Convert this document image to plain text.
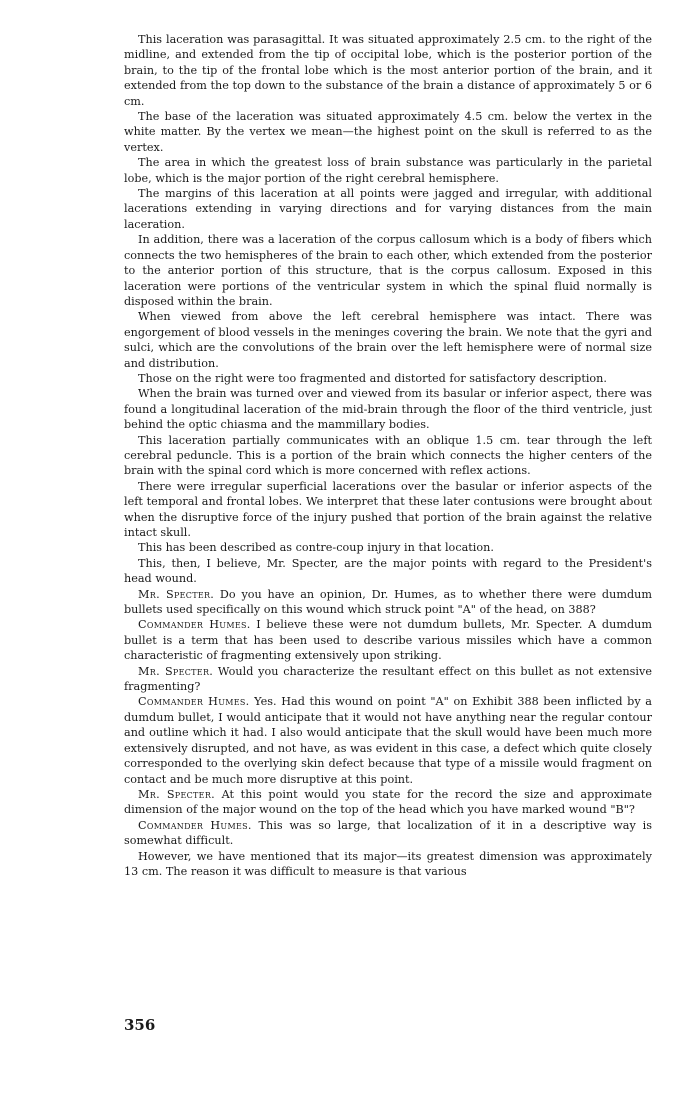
This laceration was parasagittal. It was situated approximately 2.5 cm. to the right of the midline, and extended from the tip of occipital lobe, which is the posterior portion of the brain, to the tip of the frontal lobe which is the most anterior portion of the brain, and it extended from the top down to the substance of the brain a distance of approximately 5 or 6 cm.

The base of the laceration was situated approximately 4.5 cm. below the vertex in the white matter. By the vertex we mean—the highest point on the skull is referred to as the vertex.

The area in which the greatest loss of brain substance was particularly in the parietal lobe, which is the major portion of the right cerebral hemisphere.

The margins of this laceration at all points were jagged and irregular, with additional lacerations extending in varying directions and for varying distances from the main laceration.

In addition, there was a laceration of the corpus callosum which is a body of fibers which connects the two hemispheres of the brain to each other, which extended from the posterior to the anterior portion of this structure, that is the corpus callosum. Exposed in this laceration were portions of the ventricular system in which the spinal fluid normally is disposed within the brain.

When viewed from above the left cerebral hemisphere was intact. There was engorgement of blood vessels in the meninges covering the brain. We note that the gyri and sulci, which are the convolutions of the brain over the left hemisphere were of normal size and distribution.

Those on the right were too fragmented and distorted for satisfactory description.

When the brain was turned over and viewed from its basular or inferior aspect, there was found a longitudinal laceration of the mid-brain through the floor of the third ventricle, just behind the optic chiasma and the mammillary bodies.

This laceration partially communicates with an oblique 1.5 cm. tear through the left cerebral peduncle. This is a portion of the brain which connects the higher centers of the brain with the spinal cord which is more concerned with reflex actions.

There were irregular superficial lacerations over the basular or inferior aspects of the left temporal and frontal lobes. We interpret that these later contusions were brought about when the disruptive force of the injury pushed that portion of the brain against the relative intact skull.

This has been described as contre-coup injury in that location.

This, then, I believe, Mr. Specter, are the major points with regard to the President's head wound.

Mr. Specter. Do you have an opinion, Dr. Humes, as to whether there were dumdum bullets used specifically on this wound which struck point "A" of the head, on 388?

Commander Humes. I believe these were not dumdum bullets, Mr. Specter. A dumdum bullet is a term that has been used to describe various missiles which have a common characteristic of fragmenting extensively upon striking.

Mr. Specter. Would you characterize the resultant effect on this bullet as not extensive fragmenting?

Commander Humes. Yes. Had this wound on point "A" on Exhibit 388 been inflicted by a dumdum bullet, I would anticipate that it would not have anything near the regular contour and outline which it had. I also would anticipate that the skull would have been much more extensively disrupted, and not have, as was evident in this case, a defect which quite closely corresponded to the overlying skin defect because that type of a missile would fragment on contact and be much more disruptive at this point.

Mr. Specter. At this point would you state for the record the size and approximate dimension of the major wound on the top of the head which you have marked wound "B"?

Commander Humes. This was so large, that localization of it in a descriptive way is somewhat difficult.

However, we have mentioned that its major—its greatest dimension was approximately 13 cm. The reason it was difficult to measure is that various

356
